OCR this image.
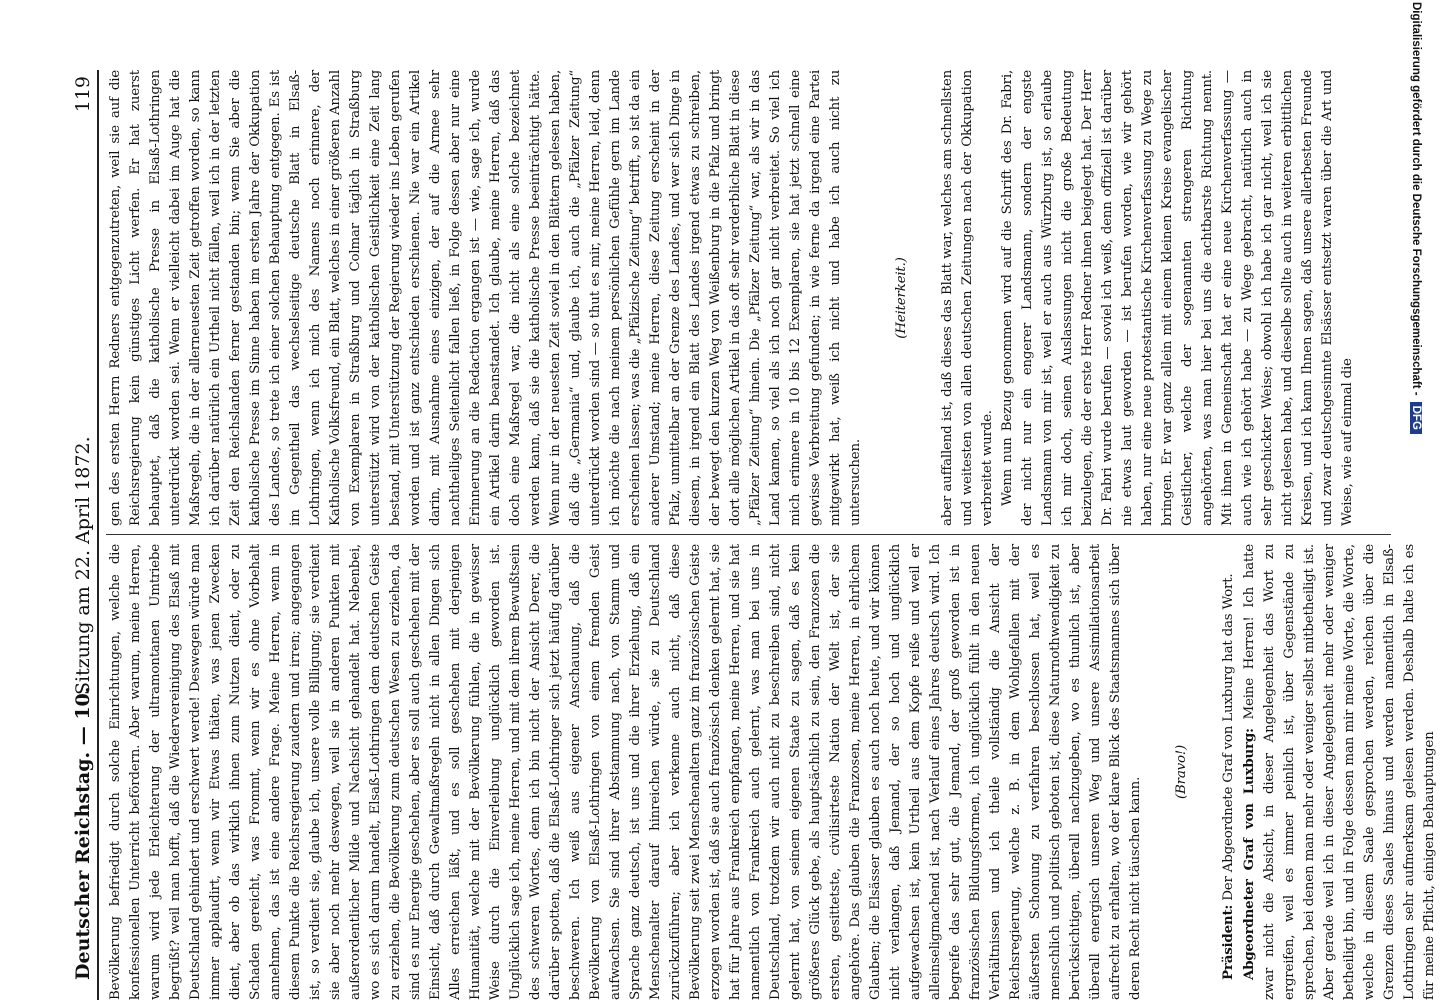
Deutscher Reichstag. — 10.
Sitzung am 22. April 1872.
119

Bevölkerung befriedigt durch solche Einrichtungen, welche die konfessionellen Unterricht befördern. Aber warum, meine Herren, warum wird jede Erleichterung der ultramontanen Umtriebe begrüßt? weil man hofft, daß die Wiedervereinigung des Elsaß mit Deutschland gehindert und erschwert werde! Deswegen würde man immer applaudirt, wenn wir Etwas thäten, was jenen Zwecken dient, aber ob das wirklich ihnen zum Nutzen dient, oder zu Schaden gereicht, was Frommt, wenn wir es ohne Vorbehalt annehmen, das ist eine andere Frage. Meine Herren, wenn in diesem Punkte die Reichsregierung zaudern und irren; angegangen ist, so verdient sie, glaube ich, unsere volle Billigung; sie verdient sie aber noch mehr deswegen, weil sie in anderen Punkten mit außerordentlicher Milde und Nachsicht gehandelt hat. Nebenbei, wo es sich darum handelt, Elsaß-Lothringen dem deutschen Geiste zu erziehen, die Bevölkerung zum deutschen Wesen zu erziehen, da sind es nur Energie geschehen, aber es soll auch geschehen mit der Einsicht, daß durch Gewaltmaßregeln nicht in allen Dingen sich Alles erreichen läßt, und es soll geschehen mit derjenigen Humanität, welche mit der Bevölkerung fühlen, die in gewisser Weise durch die Einverleibung unglücklich geworden ist. Unglücklich sage ich, meine Herren, und mit dem ihrem Bewußtsein des schweren Wortes, denn ich bin nicht der Ansicht Derer, die darüber spotten, daß die Elsaß-Lothringer sich jetzt häufig darüber beschweren. Ich weiß aus eigener Anschauung, daß die Bevölkerung von Elsaß-Lothringen von einem fremden Geist aufwachsen. Sie sind ihrer Abstammung nach, von Stamm und Sprache ganz deutsch, ist uns und die ihrer Erziehung, daß ein Menschenalter darauf hinreichen würde, sie zu Deutschland zurückzuführen; aber ich verkenne auch nicht, daß diese Bevölkerung seit zwei Menschenaltern ganz im französischen Geiste erzogen worden ist, daß sie auch französisch denken gelernt hat, sie hat für Jahre aus Frankreich empfangen, meine Herren, und sie hat namentlich von Frankreich auch gelernt, was man bei uns in Deutschland, trotzdem wir auch nicht zu beschreiben sind, nicht gelernt hat, von seinem eigenen Staate zu sagen, daß es kein größeres Glück gebe, als hauptsächlich zu sein, den Franzosen die ersten, gesittetste, civilisirteste Nation der Welt ist, der sie angehöre. Das glauben die Franzosen, meine Herren, in ehrlichem Glauben; die Elsässer glauben es auch noch heute, und wir können nicht verlangen, daß Jemand, der so hoch und unglücklich aufgewachsen ist, kein Urtheil aus dem Kopfe reiße und weil er alleinseligmachend ist, nach Verlauf eines Jahres deutsch wird. Ich begreife das sehr gut, die Jemand, der groß geworden ist in französischen Bildungsformen, ich unglücklich fühlt in den neuen Verhältnissen und ich theile vollständig die Ansicht der Reichsregierung, welche z. B. in dem Wohlgefallen mit der äußersten Schonung zu verfahren beschlossen hat, weil es menschlich und politisch geboten ist, diese Naturnothwendigkeit zu berücksichtigen, überall nachzugeben, wo es thunlich ist, aber überall energisch unseren Weg und unsere Assimilationsarbeit aufrecht zu erhalten, wo der klare Blick des Staatsmannes sich über deren Recht nicht täuschen kann.

(Bravo!)

Präsident: Der Abgeordnete Graf von Luxburg hat das Wort. Abgeordneter Graf von Luxburg: Meine Herren! Ich hatte zwar nicht die Absicht, in dieser Angelegenheit das Wort zu ergreifen, weil es immer peinlich ist, über Gegenstände zu sprechen, bei denen man mehr oder weniger selbst mitbetheiligt ist. Aber gerade weil ich in dieser Angelegenheit mehr oder weniger betheiligt bin, und in Folge dessen man mir meine Worte, die Worte, welche in diesem Saale gesprochen werden, reichen über die Grenzen dieses Saales hinaus und werden namentlich in Elsaß-Lothringen sehr aufmerksam gelesen werden. Deshalb halte ich es für meine Pflicht, einigen Behauptungen

gen des ersten Herrn Redners entgegenzutreten, weil sie auf die Reichsregierung kein günstiges Licht werfen. Er hat zuerst behauptet, daß die katholische Presse in Elsaß-Lothringen unterdrückt worden sei. Wenn er vielleicht dabei im Auge hat die Maßregeln, die in der allerneuesten Zeit getroffen worden, so kann ich darüber natürlich ein Urtheil nicht fällen, weil ich in der letzten Zeit den Reichslanden ferner gestanden bin; wenn Sie aber die katholische Presse im Sinne haben im ersten Jahre der Okkupation des Landes, so trete ich einer solchen Behauptung entgegen. Es ist im Gegentheil das wechselseitige deutsche Blatt in Elsaß-Lothringen, wenn ich mich des Namens noch erinnere, der Katholische Volksfreund, ein Blatt, welches in einer größeren Anzahl von Exemplaren in Straßburg und Colmar täglich in Straßburg unterstützt wird von der katholischen Geistlichkeit eine Zeit lang bestand, mit Unterstützung der Regierung wieder ins Leben gerufen worden und ist ganz entschieden erschienen. Nie war ein Artikel darin, mit Ausnahme eines einzigen, der auf die Armee sehr nachtheiliges Seitenlicht fallen ließ, in Folge dessen aber nur eine Erinnerung an die Redaction ergangen ist — wie, sage ich, wurde ein Artikel darin beanstandet. Ich glaube, meine Herren, daß das doch eine Maßregel war, die nicht als eine solche bezeichnet werden kann, daß sie die katholische Presse beeinträchtigt hätte. Wenn nur in der neuesten Zeit soviel in den Blättern gelesen haben, daß die „Germania“ und, glaube ich, auch die „Pfälzer Zeitung“ unterdrückt worden sind — so thut es mir, meine Herren, leid, denn ich möchte die nach meinem persönlichen Gefühle gern im Lande erscheinen lassen; was die „Pfälzische Zeitung“ betrifft, so ist da ein anderer Umstand; meine Herren, diese Zeitung erscheint in der Pfalz, unmittelbar an der Grenze des Landes, und wer sich Dinge in diesem, in irgend ein Blatt des Landes irgend etwas zu schreiben, der bewegt den kurzen Weg von Weißenburg in die Pfalz und bringt dort alle möglichen Artikel in das oft sehr verderbliche Blatt in diese „Pfälzer Zeitung“ hinein. Die „Pfälzer Zeitung“ war, als wir in das Land kamen, so viel als ich noch gar nicht verbreitet. So viel ich mich erinnere in 10 bis 12 Exemplaren, sie hat jetzt schnell eine gewisse Verbreitung gefunden; in wie ferne da irgend eine Partei mitgewirkt hat, weiß ich nicht und habe ich auch nicht zu untersuchen.

(Heiterkeit.) aber auffallend ist, daß dieses das Blatt war, welches am schnellsten und weitesten von allen deutschen Zeitungen nach der Okkupation verbreitet wurde. Wenn nun Bezug genommen wird auf die Schrift des Dr. Fabri, der nicht nur ein engerer Landsmann, sondern der engste Landsmann von mir ist, weil er auch aus Würzburg ist, so erlaube ich mir doch, seinen Auslassungen nicht die große Bedeutung beizulegen, die der erste Herr Redner ihnen beigelegt hat. Der Herr Dr. Fabri wurde berufen — soviel ich weiß, denn offiziell ist darüber nie etwas laut geworden — ist berufen worden, wie wir gehört haben, nur eine neue protestantische Kirchenverfassung zu Wege zu bringen. Er war ganz allein mit einem kleinen Kreise evangelischer Geistlicher, welche der sogenannten strengeren Richtung angehörten, was man hier bei uns die achtbarste Richtung nennt. Mit ihnen in Gemeinschaft hat er eine neue Kirchenverfassung — auch wie ich gehört habe — zu Wege gebracht, natürlich auch in sehr geschickter Weise; obwohl ich habe ich gar nicht, weil ich sie nicht gelesen habe, und dieselbe sollte auch in weiteren erbittlichen Kreisen, und ich kann Ihnen sagen, daß unsere allerbesten Freunde und zwar deutschgesinnte Elsässer entsetzt waren über die Art und Weise, wie auf einmal die

Digitalisierung gefördert durch die Deutsche Forschungsgemeinschaft -DFG
